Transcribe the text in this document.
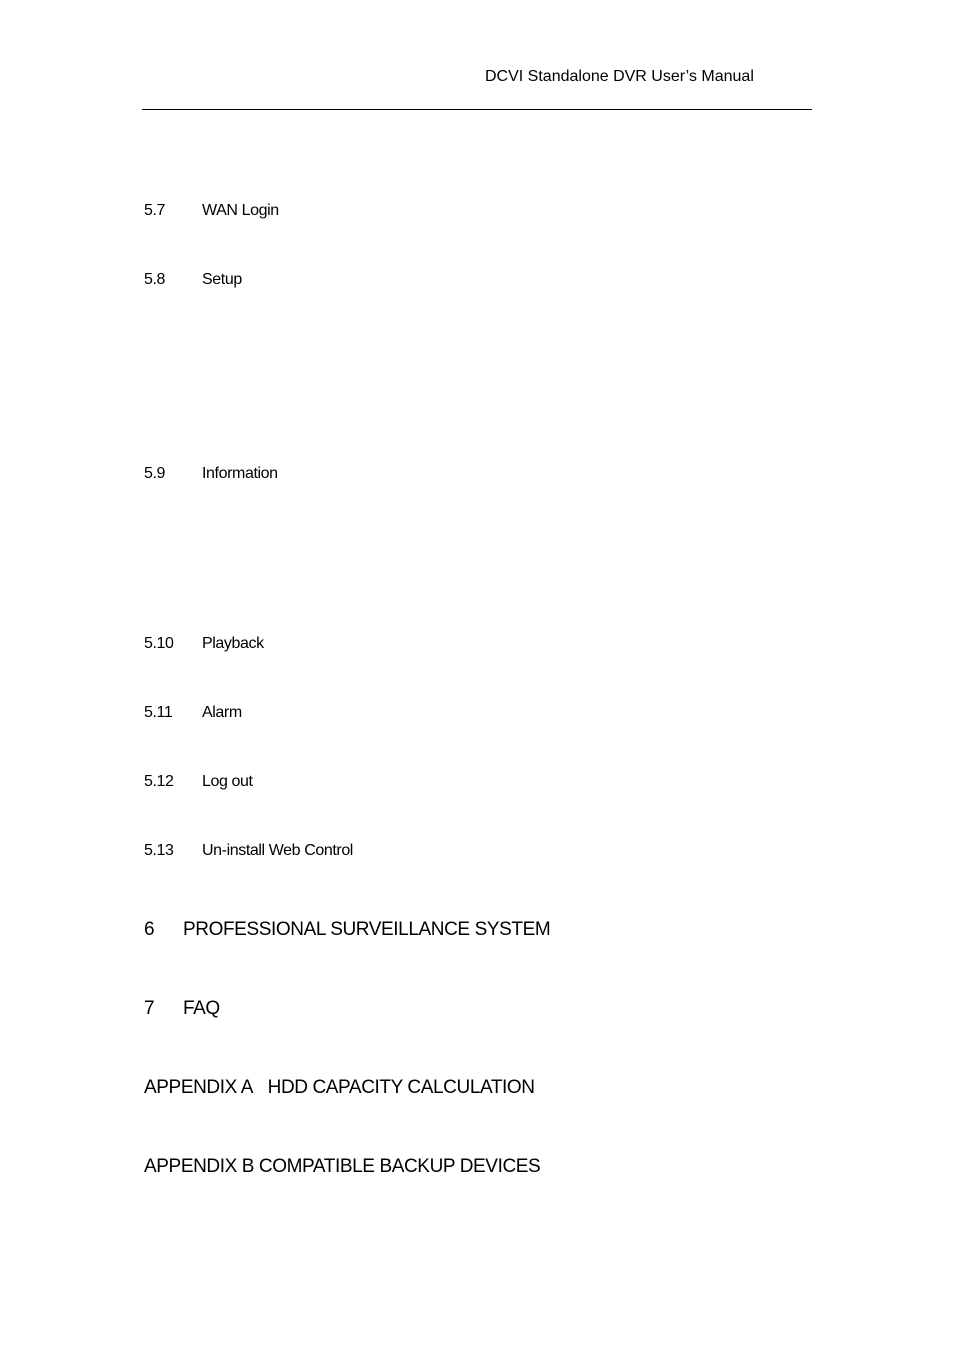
DCVI Standalone DVR User’s Manual
5.7 WAN Login
5.8 Setup
5.9 Information
5.10 Playback
5.11 Alarm
5.12 Log out
5.13 Un-install Web Control
6 PROFESSIONAL SURVEILLANCE SYSTEM
7 FAQ
APPENDIX A   HDD CAPACITY CALCULATION
APPENDIX B COMPATIBLE BACKUP DEVICES
